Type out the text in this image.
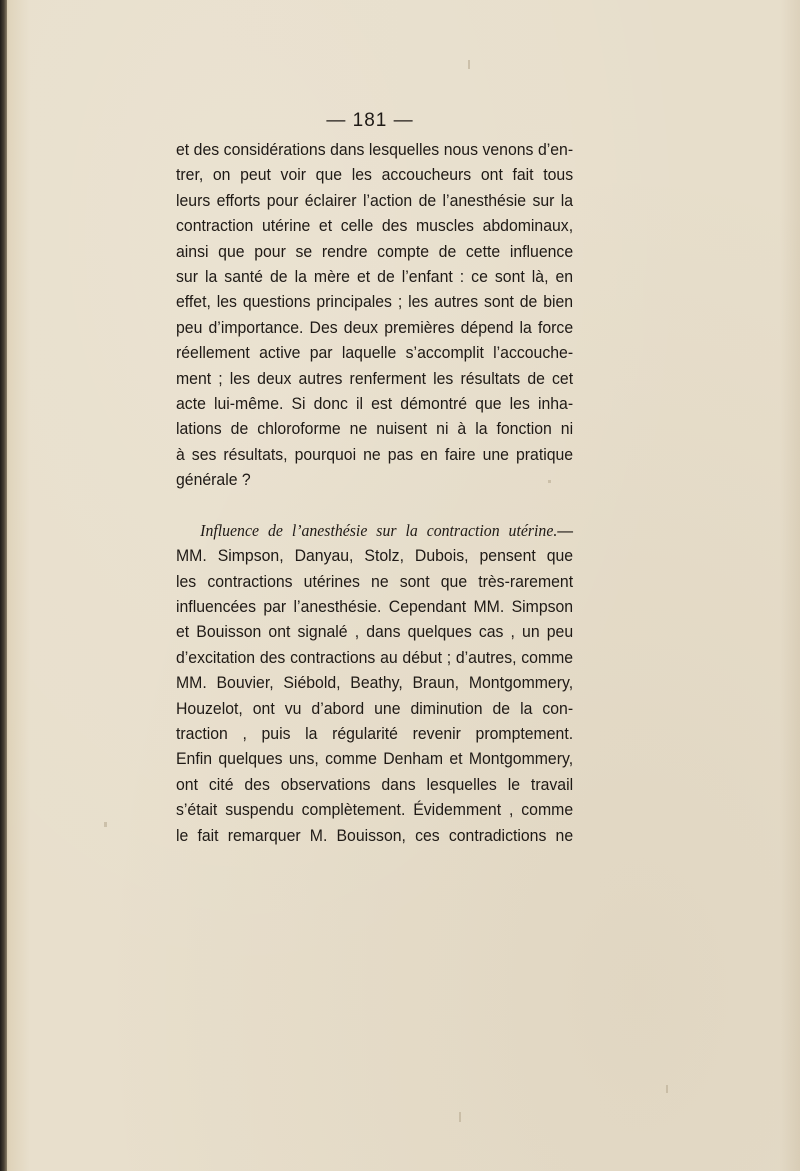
— 181 —
et des considérations dans lesquelles nous venons d’en-
trer, on peut voir que les accoucheurs ont fait tous
leurs efforts pour éclairer l’action de l’anesthésie sur la
contraction utérine et celle des muscles abdominaux,
ainsi que pour se rendre compte de cette influence
sur la santé de la mère et de l’enfant : ce sont là, en
effet, les questions principales ; les autres sont de bien
peu d’importance. Des deux premières dépend la force
réellement active par laquelle s’accomplit l’accouche-
ment ; les deux autres renferment les résultats de cet
acte lui-même. Si donc il est démontré que les inha-
lations de chloroforme ne nuisent ni à la fonction ni
à ses résultats, pourquoi ne pas en faire une pratique
générale ?
Influence de l’anesthésie sur la contraction utérine.—
MM. Simpson, Danyau, Stolz, Dubois, pensent que
les contractions utérines ne sont que très-rarement
influencées par l’anesthésie. Cependant MM. Simpson
et Bouisson ont signalé , dans quelques cas , un peu
d’excitation des contractions au début ; d’autres, comme
MM. Bouvier, Siébold, Beathy, Braun, Montgommery,
Houzelot, ont vu d’abord une diminution de la con-
traction , puis la régularité revenir promptement.
Enfin quelques uns, comme Denham et Montgommery,
ont cité des observations dans lesquelles le travail
s’était suspendu complètement. Évidemment , comme
le fait remarquer M. Bouisson, ces contradictions ne
